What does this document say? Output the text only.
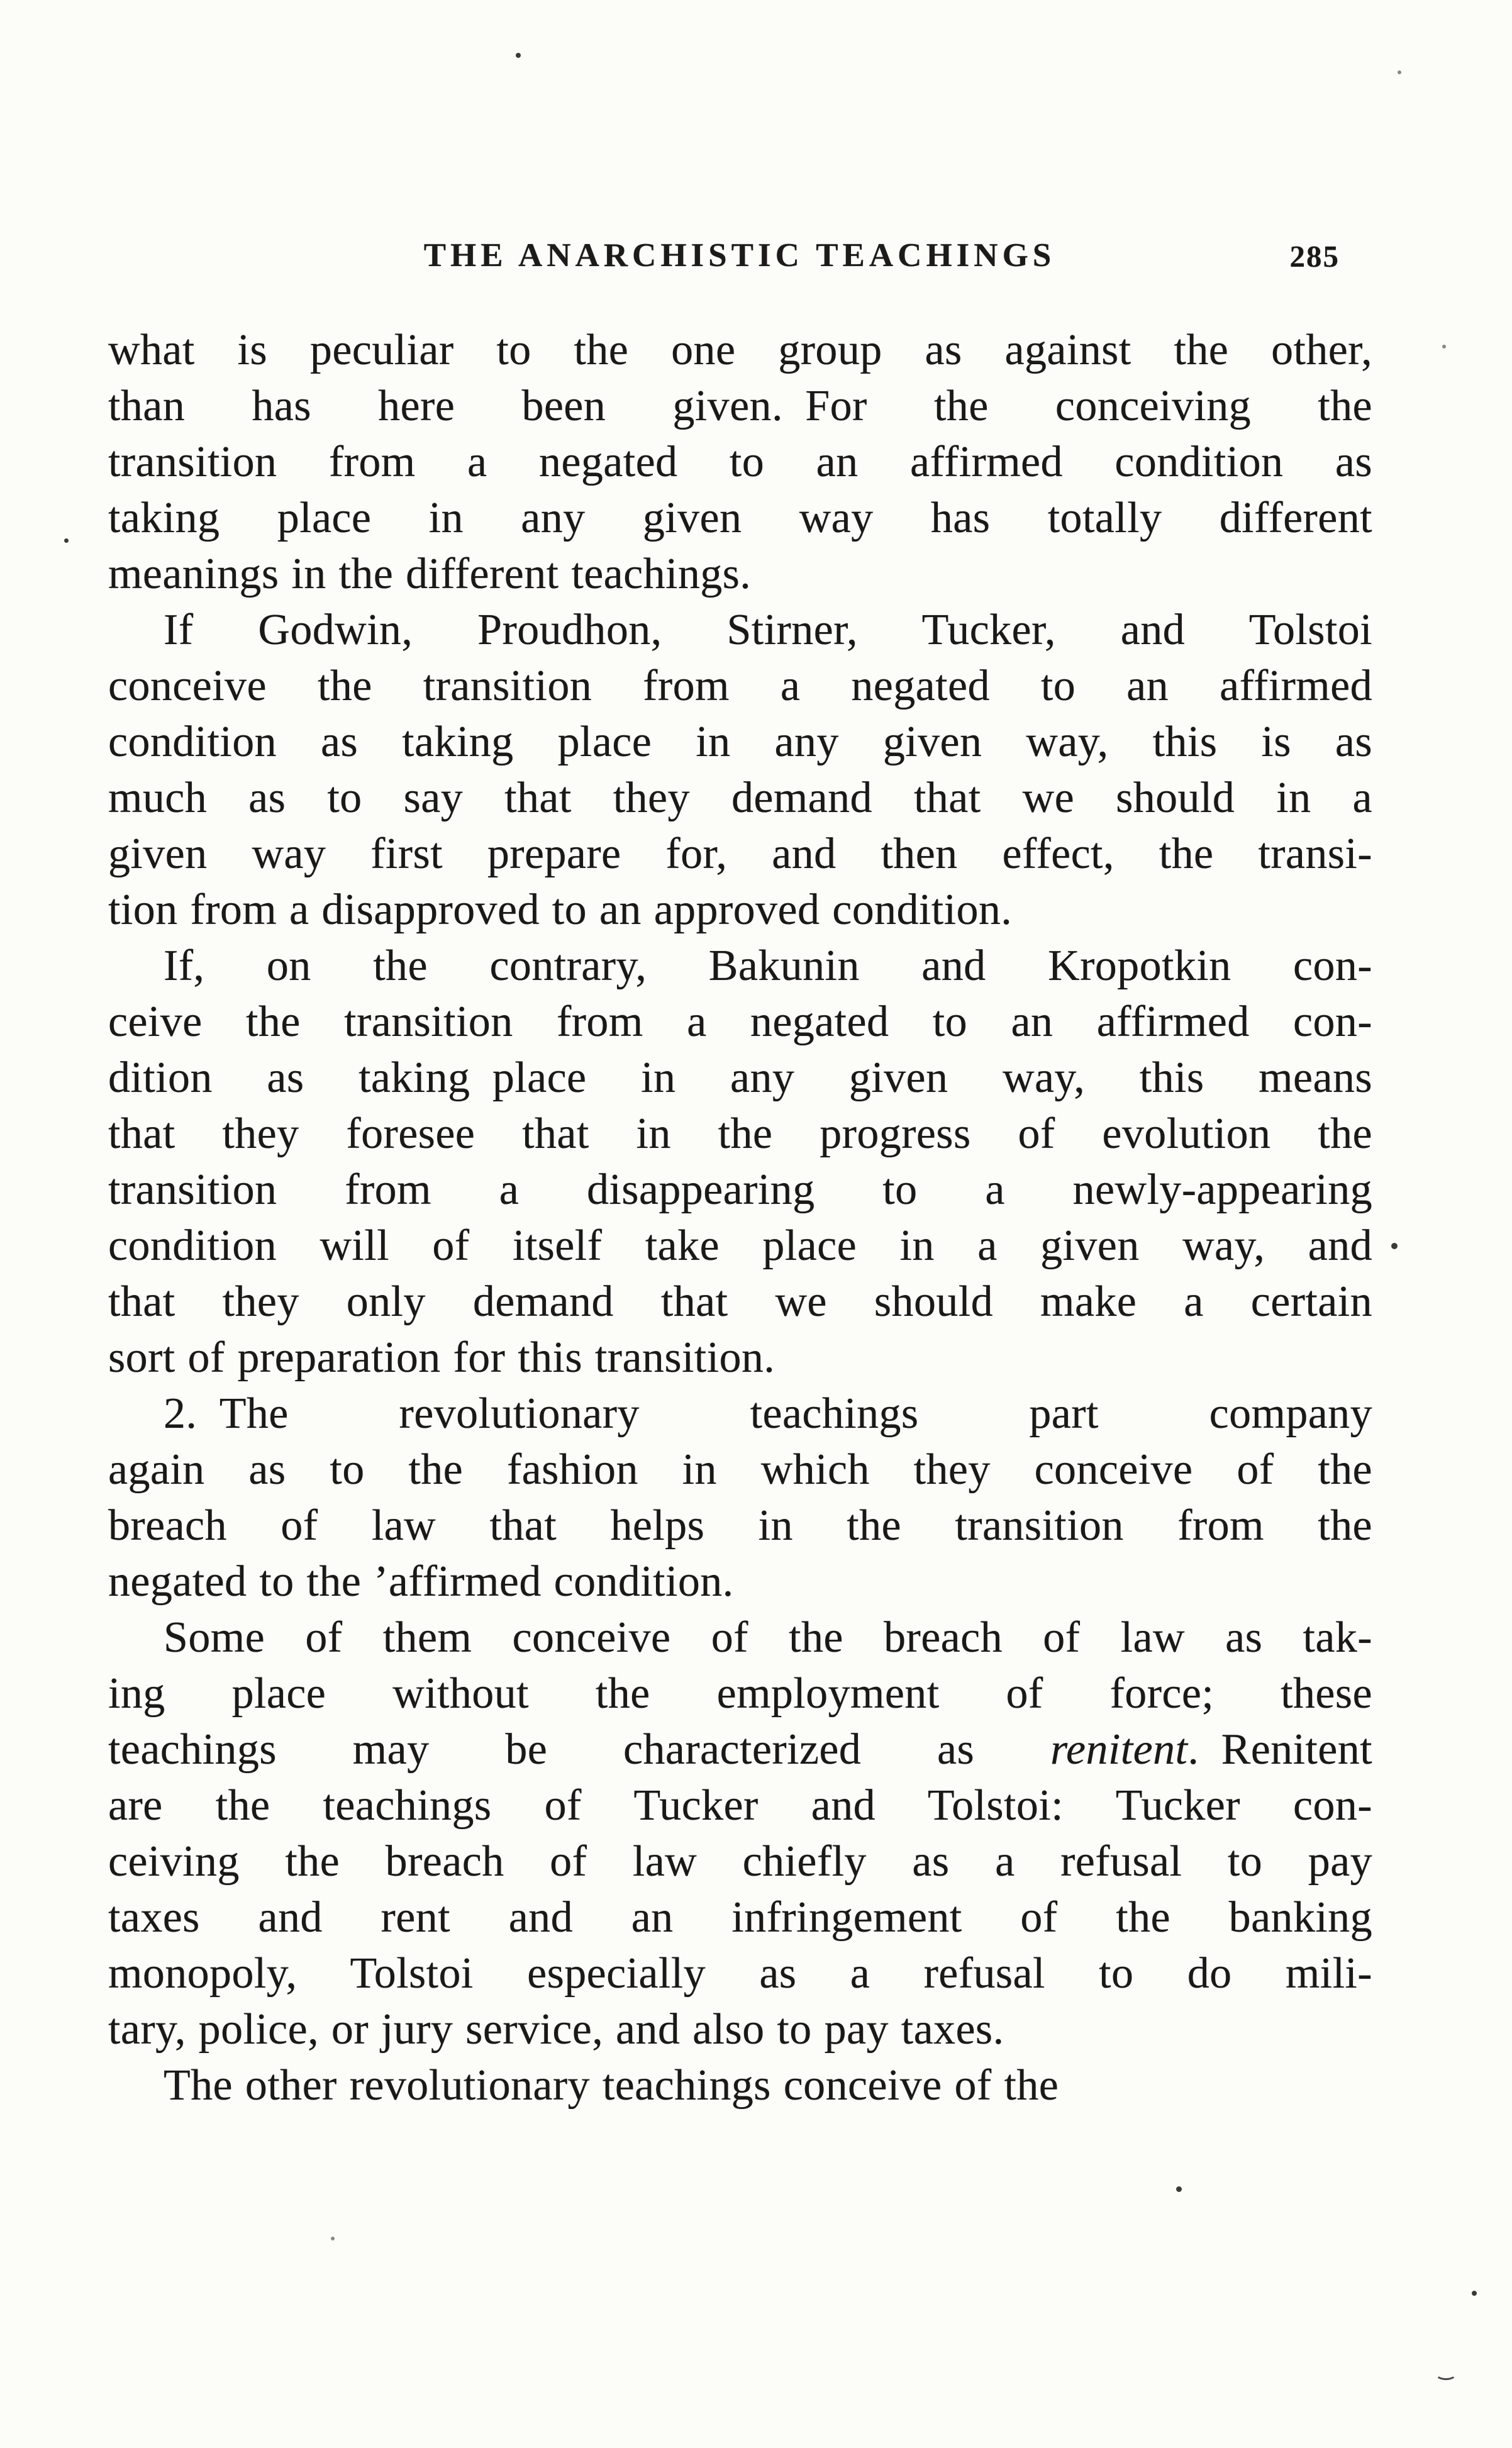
THE ANARCHISTIC TEACHINGS	285
what is peculiar to the one group as against the other,
than has here been given. For the conceiving the
transition from a negated to an affirmed condition as
taking place in any given way has totally different
meanings in the different teachings.
If Godwin, Proudhon, Stirner, Tucker, and Tolstoi
conceive the transition from a negated to an affirmed
condition as taking place in any given way, this is as
much as to say that they demand that we should in a
given way first prepare for, and then effect, the transi-
tion from a disapproved to an approved condition.
If, on the contrary, Bakunin and Kropotkin con-
ceive the transition from a negated to an affirmed con-
dition as taking place in any given way, this means
that they foresee that in the progress of evolution the
transition from a disappearing to a newly-appearing
condition will of itself take place in a given way, and
that they only demand that we should make a certain
sort of preparation for this transition.
2. The revolutionary teachings part company
again as to the fashion in which they conceive of the
breach of law that helps in the transition from the
negated to the ’affirmed condition.
Some of them conceive of the breach of law as tak-
ing place without the employment of force; these
teachings may be characterized as renitent. Renitent
are the teachings of Tucker and Tolstoi: Tucker con-
ceiving the breach of law chiefly as a refusal to pay
taxes and rent and an infringement of the banking
monopoly, Tolstoi especially as a refusal to do mili-
tary, police, or jury service, and also to pay taxes.
The other revolutionary teachings conceive of the
